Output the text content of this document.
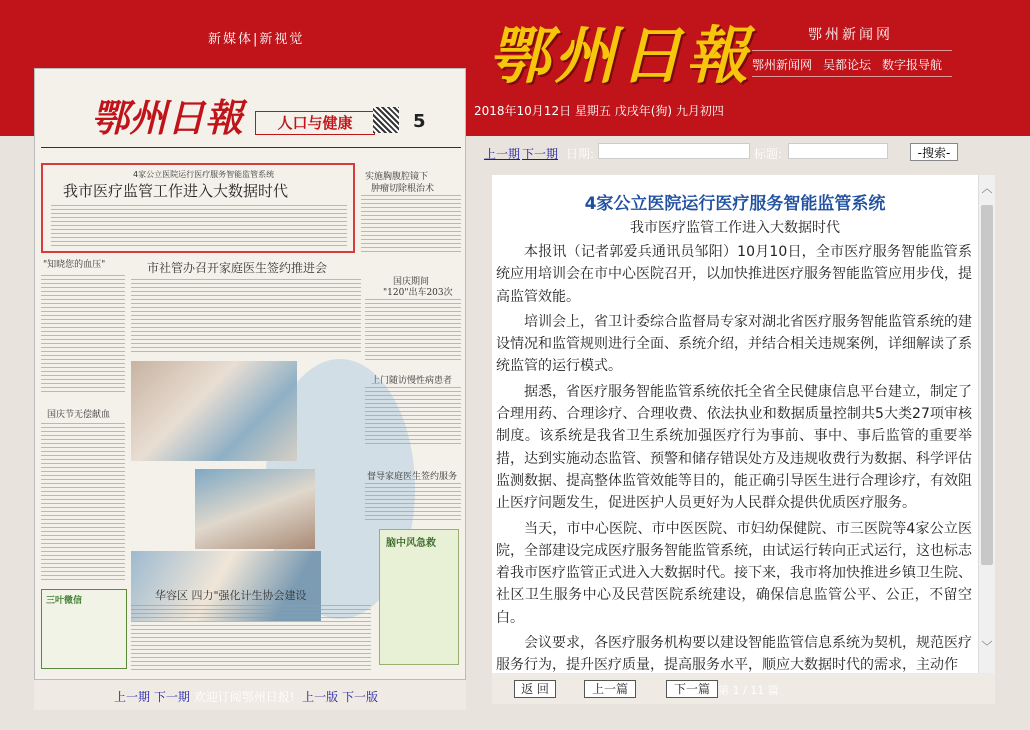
新媒体|新视觉	鄂州日報	鄂州新闻网
鄂州新闻网 吴都论坛 数字报导航
2018年10月12日 星期五 戊戌年(狗) 九月初四
鄂州日報	人口与健康	5
4家公立医院运行医疗服务智能监管系统
我市医疗监管工作进入大数据时代
实施胸腹腔镜下
肿瘤切除根治术
市社管办召开家庭医生签约推进会
"知晓您的血压"
国庆期间
"120"出车203次
上门随访慢性病患者
国庆节无偿献血
督导家庭医生签约服务
华容区 四力"强化计生协会建设
三叶微信
脑中风急救
上一期 下一期 欢迎订阅鄂州日报! 上一版 下一版
上一期 下一期 日期:	标题:	-搜索-
4家公立医院运行医疗服务智能监管系统
我市医疗监管工作进入大数据时代

本报讯（记者郭爱兵通讯员邹阳）10月10日，全市医疗服务智能监管系统应用培训会在市中心医院召开，以加快推进医疗服务智能监管应用步伐，提高监管效能。

培训会上，省卫计委综合监督局专家对湖北省医疗服务智能监管系统的建设情况和监管规则进行全面、系统介绍，并结合相关违规案例，详细解读了系统监管的运行模式。

据悉，省医疗服务智能监管系统依托全省全民健康信息平台建立，制定了合理用药、合理诊疗、合理收费、依法执业和数据质量控制共5大类27项审核制度。该系统是我省卫生系统加强医疗行为事前、事中、事后监管的重要举措，达到实施动态监管、预警和储存错误处方及违规收费行为数据、科学评估监测数据、提高整体监管效能等目的，能正确引导医生进行合理诊疗，有效阻止医疗问题发生，促进医护人员更好为人民群众提供优质医疗服务。

当天，市中心医院、市中医医院、市妇幼保健院、市三医院等4家公立医院，全部建设完成医疗服务智能监管系统，由试运行转向正式运行，这也标志着我市医疗监管正式进入大数据时代。接下来，我市将加快推进乡镇卫生院、社区卫生服务中心及民营医院系统建设，确保信息监管公平、公正，不留空白。

会议要求，各医疗服务机构要以建设智能监管信息系统为契机，规范医疗服务行为，提升医疗质量，提高服务水平，顺应大数据时代的需求，主动作

︿
﹀
返 回	上一篇	下一篇 第 1 / 11 篇
